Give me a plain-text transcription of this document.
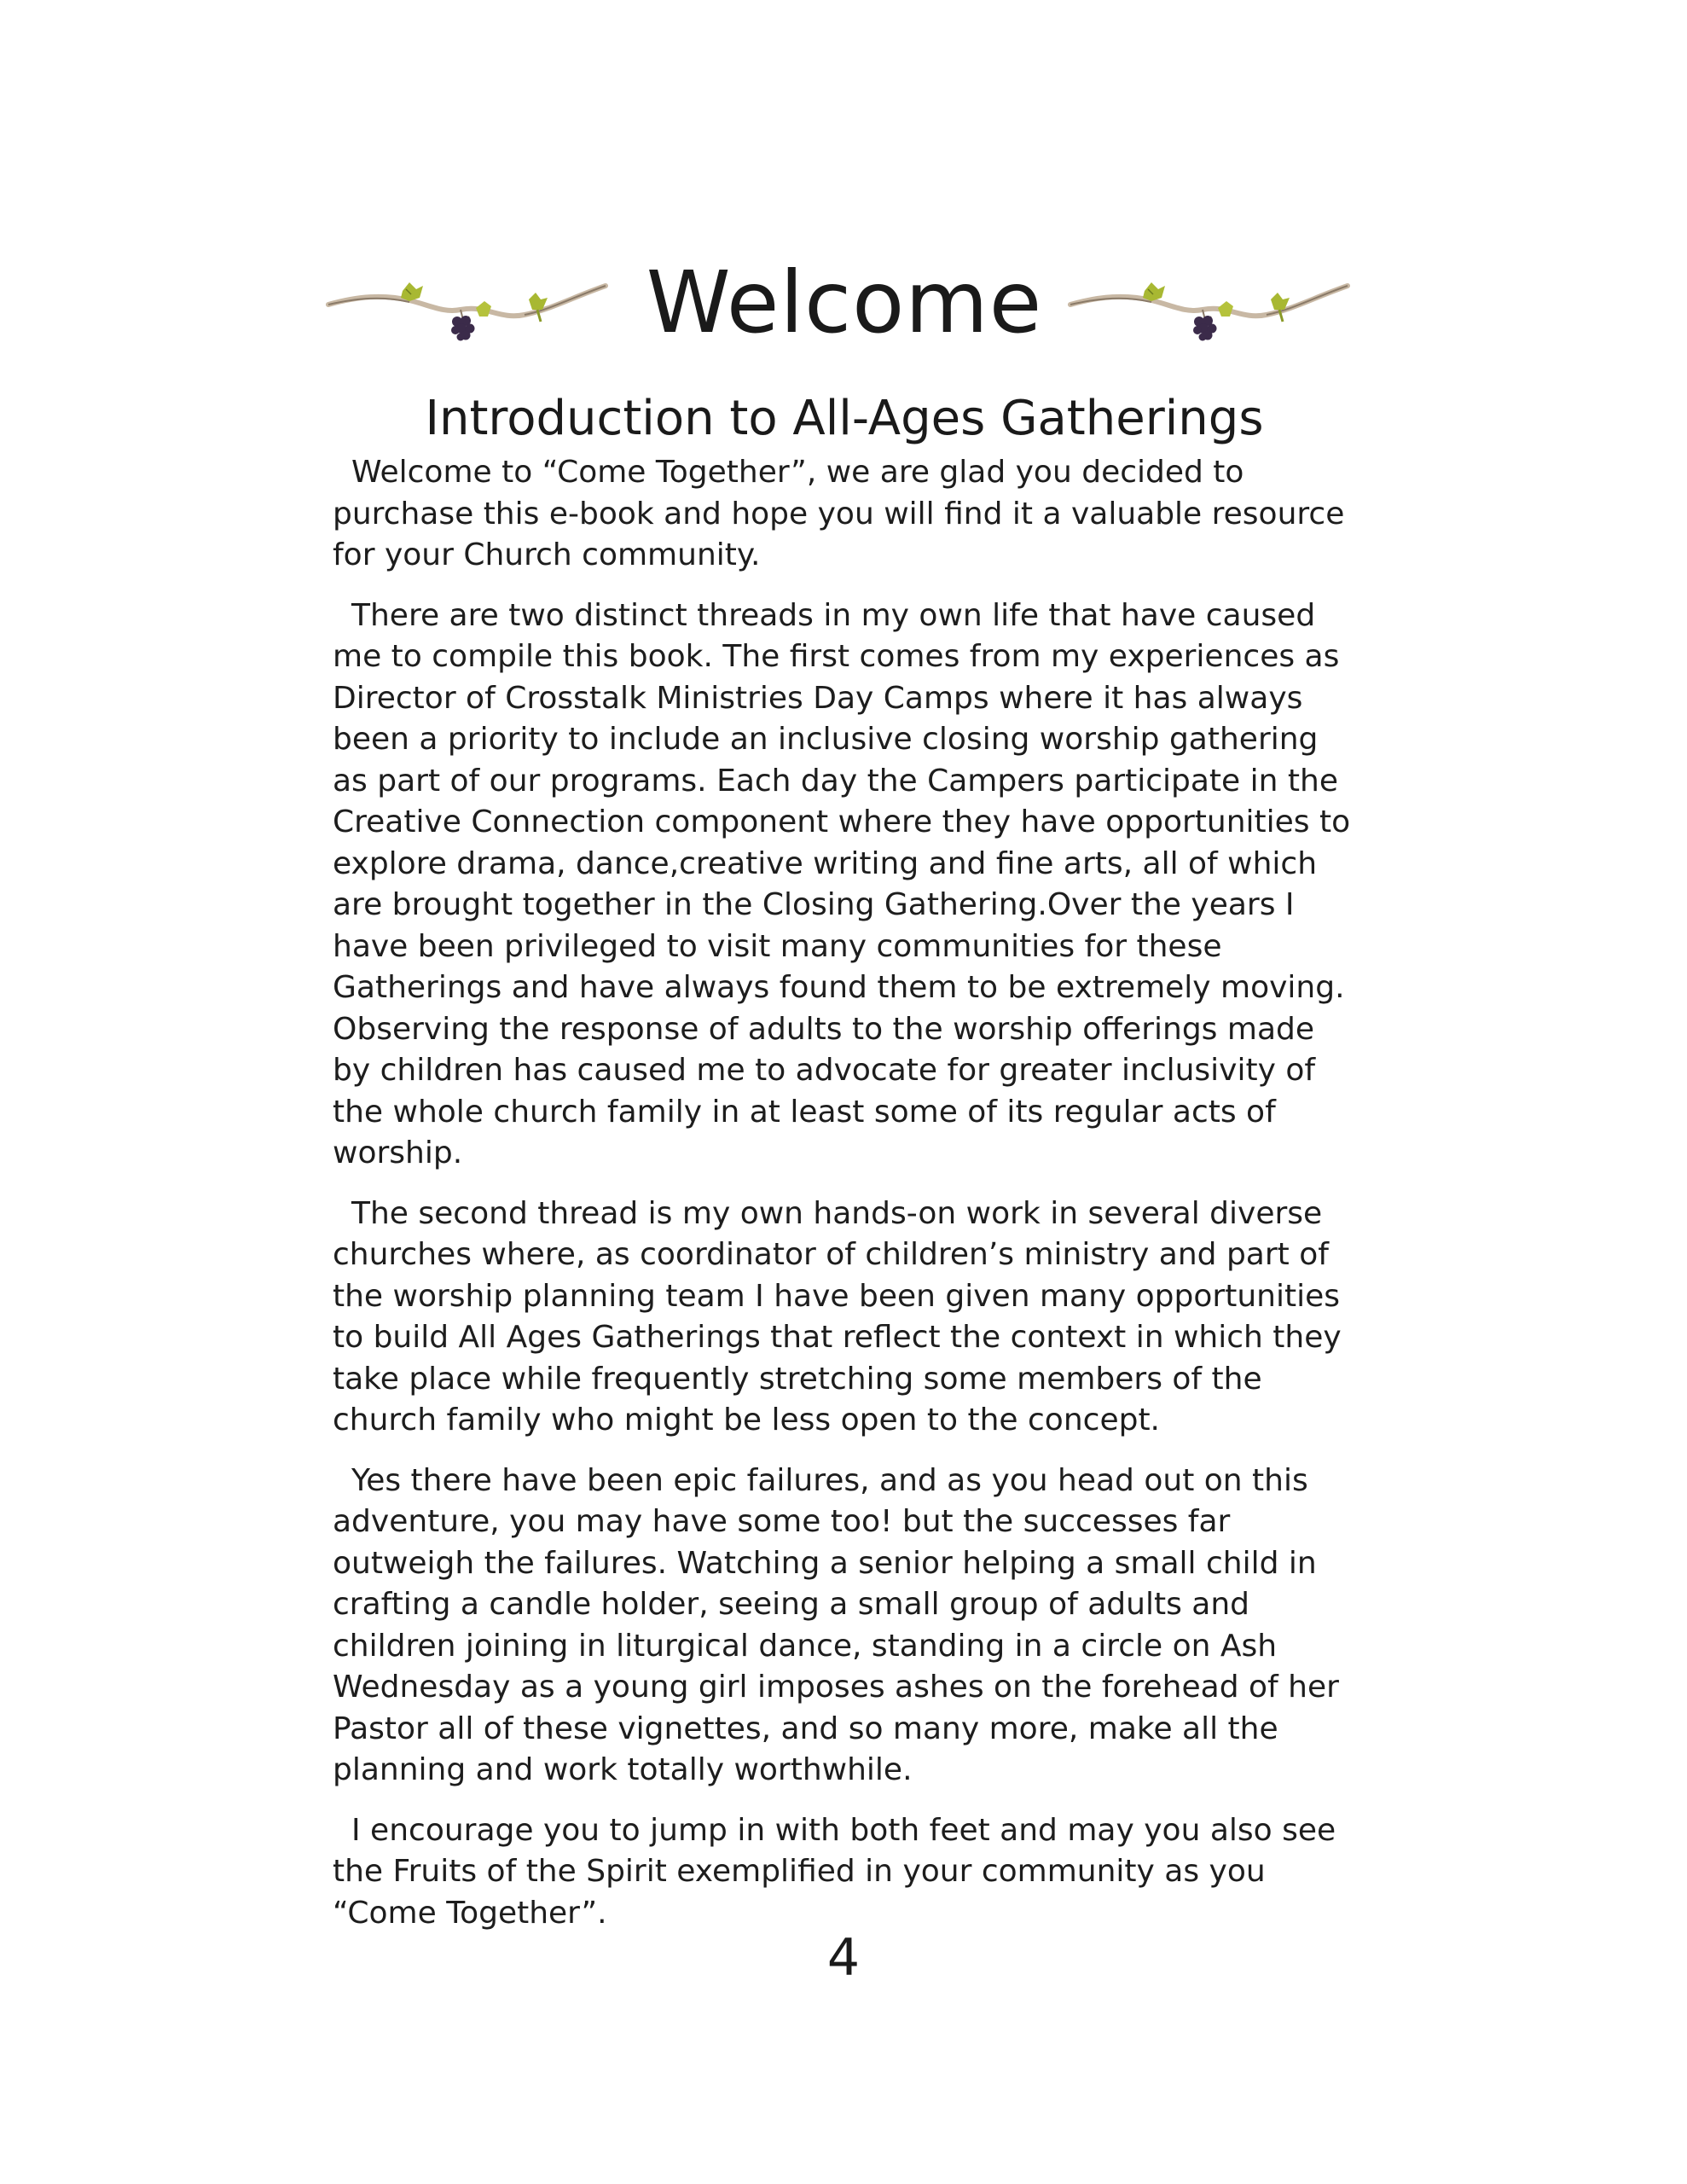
Welcome
Introduction to All-Ages Gatherings

Welcome to “Come Together”, we are glad you decided to purchase this e-book and hope you will find it a valuable resource for your Church community.

There are two distinct threads in my own life that have caused me to compile this book. The first comes from my experiences as Director of Crosstalk Ministries Day Camps where it has always been a priority to include an inclusive closing worship gathering as part of our programs. Each day the Campers participate in the Creative Connection component where they have opportunities to explore drama, dance,creative writing and fine arts, all of which are brought together in the Closing Gathering.Over the years I have been privileged to visit many communities for these Gatherings and have always found them to be extremely moving. Observing the response of adults to the worship offerings made by children has caused me to advocate for greater inclusivity of the whole church family in at least some of its regular acts of worship.

The second thread is my own hands-on work in several diverse churches where, as coordinator of children’s ministry and part of the worship planning team I have been given many opportunities to build All Ages Gatherings that reflect the context in which they take place while frequently stretching some members of the church family who might be less open to the concept.

Yes there have been epic failures, and as you head out on this adventure, you may have some too! but the successes far outweigh the failures. Watching a senior helping a small child in crafting a candle holder, seeing a small group of adults and children joining in liturgical dance, standing in a circle on Ash Wednesday as a young girl imposes ashes on the forehead of her Pastor all of these vignettes, and so many more, make all the planning and work totally worthwhile.

I encourage you to jump in with both feet and may you also see the Fruits of the Spirit exemplified in your community as you “Come Together”.

4
